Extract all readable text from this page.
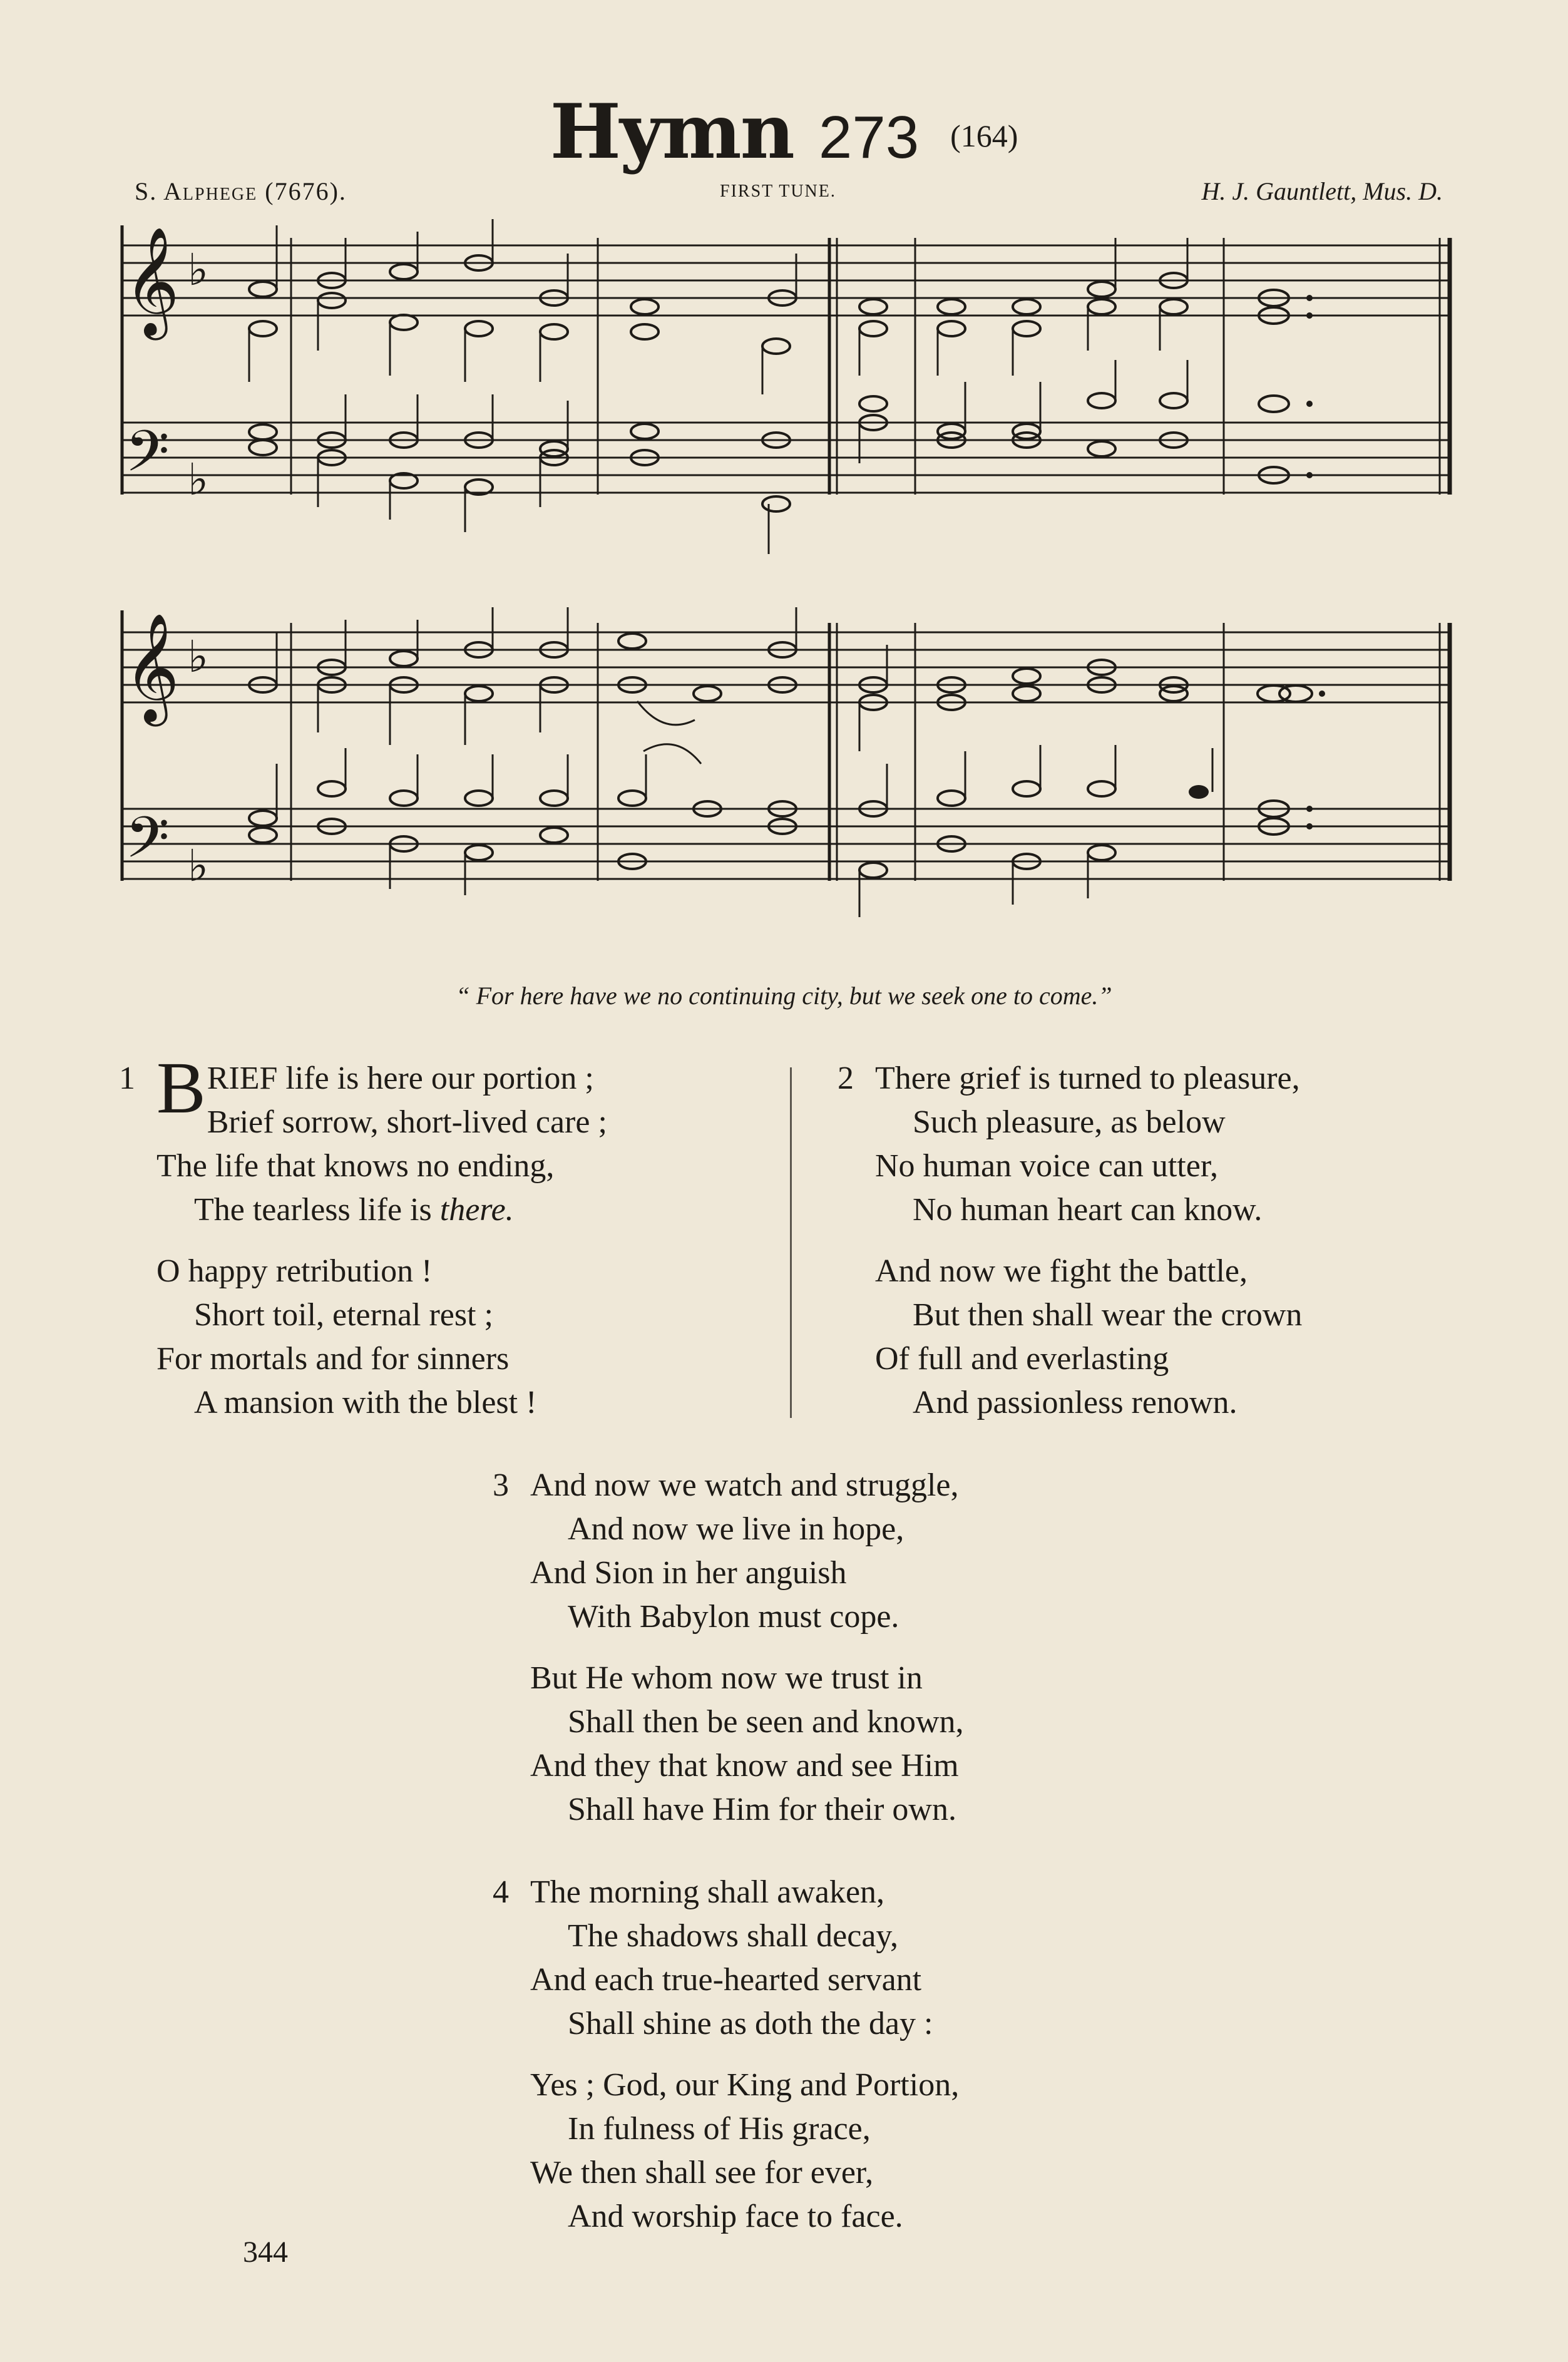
Hymn 273 (164)
S. Alphege (7676).	FIRST TUNE.	H. J. Gauntlett, Mus. D.
𝄞
𝄢
𝄞
𝄢
♭
♭
♭
♭
“ For here have we no continuing city, but we seek one to come.”
1 BRIEF life is here our portion ;
Brief sorrow, short-lived care ;
The life that knows no ending,
The tearless life is there.
O happy retribution !
Short toil, eternal rest ;
For mortals and for sinners
A mansion with the blest !
2 There grief is turned to pleasure,
Such pleasure, as below
No human voice can utter,
No human heart can know.
And now we fight the battle,
But then shall wear the crown
Of full and everlasting
And passionless renown.
3 And now we watch and struggle,
And now we live in hope,
And Sion in her anguish
With Babylon must cope.
But He whom now we trust in
Shall then be seen and known,
And they that know and see Him
Shall have Him for their own.
4 The morning shall awaken,
The shadows shall decay,
And each true-hearted servant
Shall shine as doth the day :
Yes ; God, our King and Portion,
In fulness of His grace,
We then shall see for ever,
And worship face to face.
344
